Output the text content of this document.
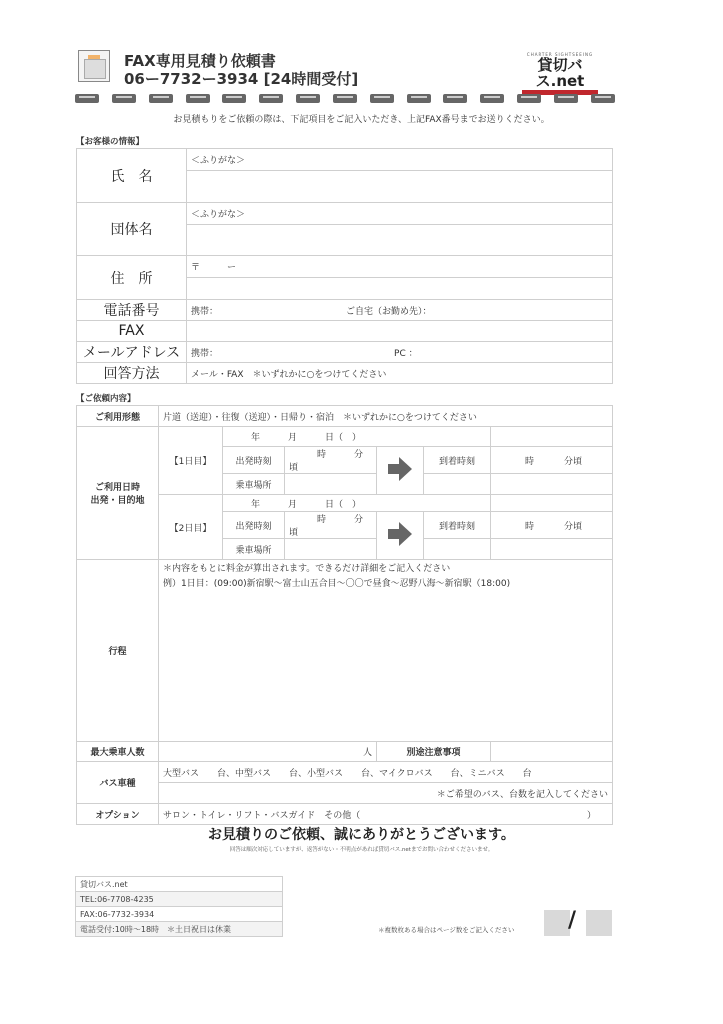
FAX専用見積り依頼書
06ー7732ー3934 [24時間受付]
CHARTER SIGHTSEEING
貸切バス.net
お見積もりをご依頼の際は、下記項目をご記入いただき、上記FAX番号までお送りください。
【お客様の情報】
氏　名	＜ふりがな＞

団体名	＜ふりがな＞

住　所	〒　　　ー

電話番号	携帯： ご自宅（お勤め先）：
FAX	
メールアドレス	携帯： PC ：
回答方法	メール・FAX　＊いずれかに○をつけてください
【ご依頼内容】
ご利用形態	片道（送迎）・往復（送迎）・日帰り・宿泊　＊いずれかに○をつけてください					
ご利用日時
出発・目的地	【1日目】	年 月 日（　）				
		出発時刻	時 分頃		到着時刻	時 分頃
		乗車場所				
	【2日目】	年 月 日（　）				
		出発時刻	時 分頃		到着時刻	時 分頃
		乗車場所				
行程	＊内容をもとに料金が算出されます。できるだけ詳細をご記入ください
例）1日目：(09:00)新宿駅～富士山五合目～〇〇で昼食～忍野八海～新宿駅（18:00)					

最大乗車人数	人			別途注意事項		
バス車種	大型バス　　台、中型バス　　台、小型バス　　台、マイクロバス　　台、ミニバス　　台					
	＊ご希望のバス、台数を記入してください					
オプション	サロン・トイレ・リフト・バスガイド　その他（ ）					
お見積りのご依頼、誠にありがとうございます。
回答は順次対応していますが、返答がない・不明点があれば貸切バス.netまでお問い合わせくださいませ。
貸切バス.net
TEL:06-7708-4235
FAX:06-7732-3934
電話受付:10時～18時　＊土日祝日は休業	＊複数枚ある場合はページ数をご記入ください /
